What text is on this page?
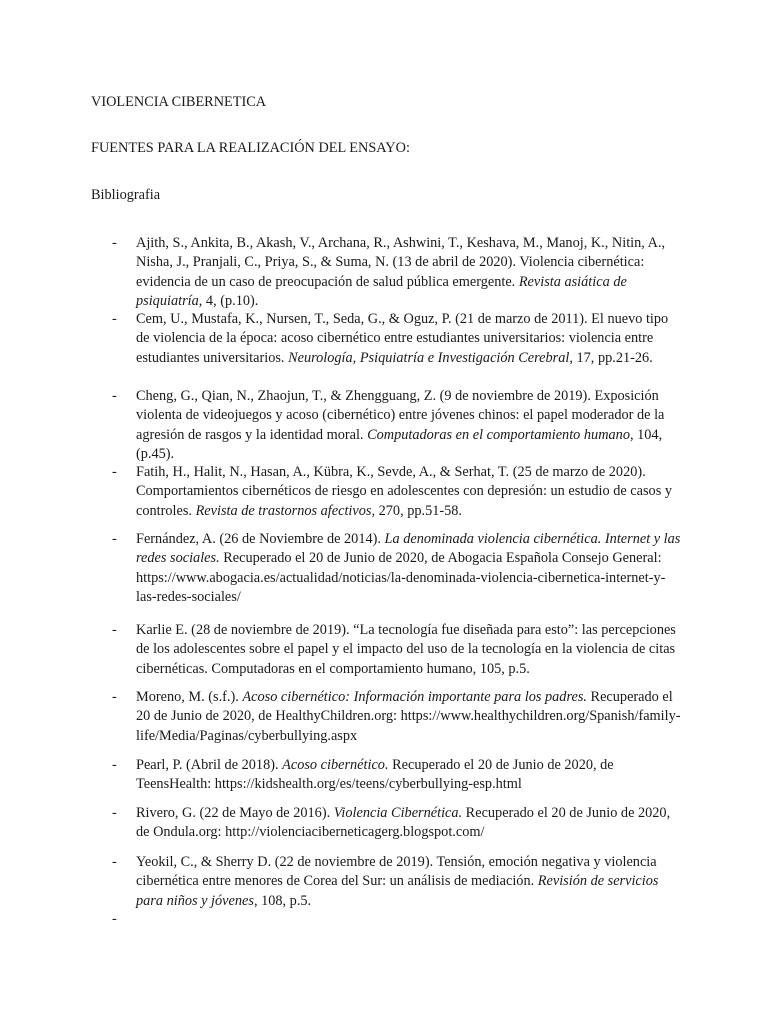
VIOLENCIA CIBERNETICA
FUENTES PARA LA REALIZACIÓN DEL ENSAYO:
Bibliografia
- Ajith, S., Ankita, B., Akash, V., Archana, R., Ashwini, T., Keshava, M., Manoj, K., Nitin, A., Nisha, J., Pranjali, C., Priya, S., & Suma, N. (13 de abril de 2020). Violencia cibernética: evidencia de un caso de preocupación de salud pública emergente. Revista asiática de psiquiatría, 4, (p.10).
- Cem, U., Mustafa, K., Nursen, T., Seda, G., & Oguz, P. (21 de marzo de 2011). El nuevo tipo de violencia de la época: acoso cibernético entre estudiantes universitarios: violencia entre estudiantes universitarios. Neurología, Psiquiatría e Investigación Cerebral, 17, pp.21-26.
- Cheng, G., Qian, N., Zhaojun, T., & Zhengguang, Z. (9 de noviembre de 2019). Exposición violenta de videojuegos y acoso (cibernético) entre jóvenes chinos: el papel moderador de la agresión de rasgos y la identidad moral. Computadoras en el comportamiento humano, 104, (p.45).
- Fatih, H., Halit, N., Hasan, A., Kübra, K., Sevde, A., & Serhat, T. (25 de marzo de 2020). Comportamientos cibernéticos de riesgo en adolescentes con depresión: un estudio de casos y controles. Revista de trastornos afectivos, 270, pp.51-58.
- Fernández, A. (26 de Noviembre de 2014). La denominada violencia cibernética. Internet y las redes sociales. Recuperado el 20 de Junio de 2020, de Abogacia Española Consejo General: https://www.abogacia.es/actualidad/noticias/la-denominada-violencia-cibernetica-internet-y-las-redes-sociales/
- Karlie E. (28 de noviembre de 2019). “La tecnología fue diseñada para esto”: las percepciones de los adolescentes sobre el papel y el impacto del uso de la tecnología en la violencia de citas cibernéticas. Computadoras en el comportamiento humano, 105, p.5.
- Moreno, M. (s.f.). Acoso cibernético: Información importante para los padres. Recuperado el 20 de Junio de 2020, de HealthyChildren.org: https://www.healthychildren.org/Spanish/family-life/Media/Paginas/cyberbullying.aspx
- Pearl, P. (Abril de 2018). Acoso cibernético. Recuperado el 20 de Junio de 2020, de TeensHealth: https://kidshealth.org/es/teens/cyberbullying-esp.html
- Rivero, G. (22 de Mayo de 2016). Violencia Cibernética. Recuperado el 20 de Junio de 2020, de Ondula.org: http://violenciaciberneticagerg.blogspot.com/
- Yeokil, C., & Sherry D. (22 de noviembre de 2019). Tensión, emoción negativa y violencia cibernética entre menores de Corea del Sur: un análisis de mediación. Revisión de servicios para niños y jóvenes, 108, p.5.
-
